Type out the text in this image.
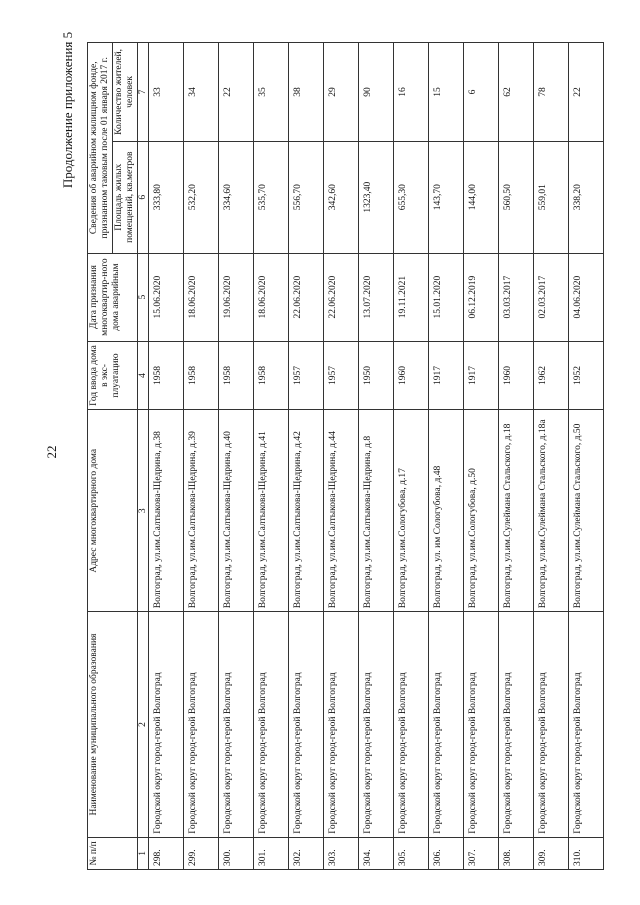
22
Продолжение приложения 5
№ п/п	Наименование муниципального образования	Адрес многоквартирного дома	Год ввода дома в экс-плуатацию	Дата признания многоквартир-ного дома аварийным	Сведения об аварийном жилищном фонде, признанном таковым после 01 января 2017 г.	
					Площадь жилых помещений, кв.метров	Количество жителей, человек
1	2	3	4	5	6	7
298.	Городской округ город-герой Волгоград	Волгоград, ул.им.Салтыкова-Щедрина, д.38	1958	15.06.2020	333,80	33
299.	Городской округ город-герой Волгоград	Волгоград, ул.им.Салтыкова-Щедрина, д.39	1958	18.06.2020	532,20	34
300.	Городской округ город-герой Волгоград	Волгоград, ул.им.Салтыкова-Щедрина, д.40	1958	19.06.2020	334,60	22
301.	Городской округ город-герой Волгоград	Волгоград, ул.им.Салтыкова-Щедрина, д.41	1958	18.06.2020	535,70	35
302.	Городской округ город-герой Волгоград	Волгоград, ул.им.Салтыкова-Щедрина, д.42	1957	22.06.2020	556,70	38
303.	Городской округ город-герой Волгоград	Волгоград, ул.им.Салтыкова-Щедрина, д.44	1957	22.06.2020	342,60	29
304.	Городской округ город-герой Волгоград	Волгоград, ул.им.Салтыкова-Щедрина, д.8	1950	13.07.2020	1323,40	90
305.	Городской округ город-герой Волгоград	Волгоград, ул.им.Сологубова, д.17	1960	19.11.2021	655,30	16
306.	Городской округ город-герой Волгоград	Волгоград, ул. им Сологубова, д.48	1917	15.01.2020	143,70	15
307.	Городской округ город-герой Волгоград	Волгоград, ул.им.Сологубова, д.50	1917	06.12.2019	144,00	6
308.	Городской округ город-герой Волгоград	Волгоград, ул.им.Сулеймана Стальского, д.18	1960	03.03.2017	560,50	62
309.	Городской округ город-герой Волгоград	Волгоград, ул.им.Сулеймана Стальского, д.18а	1962	02.03.2017	559,01	78
310.	Городской округ город-герой Волгоград	Волгоград, ул.им.Сулеймана Стальского, д.50	1952	04.06.2020	338,20	22
